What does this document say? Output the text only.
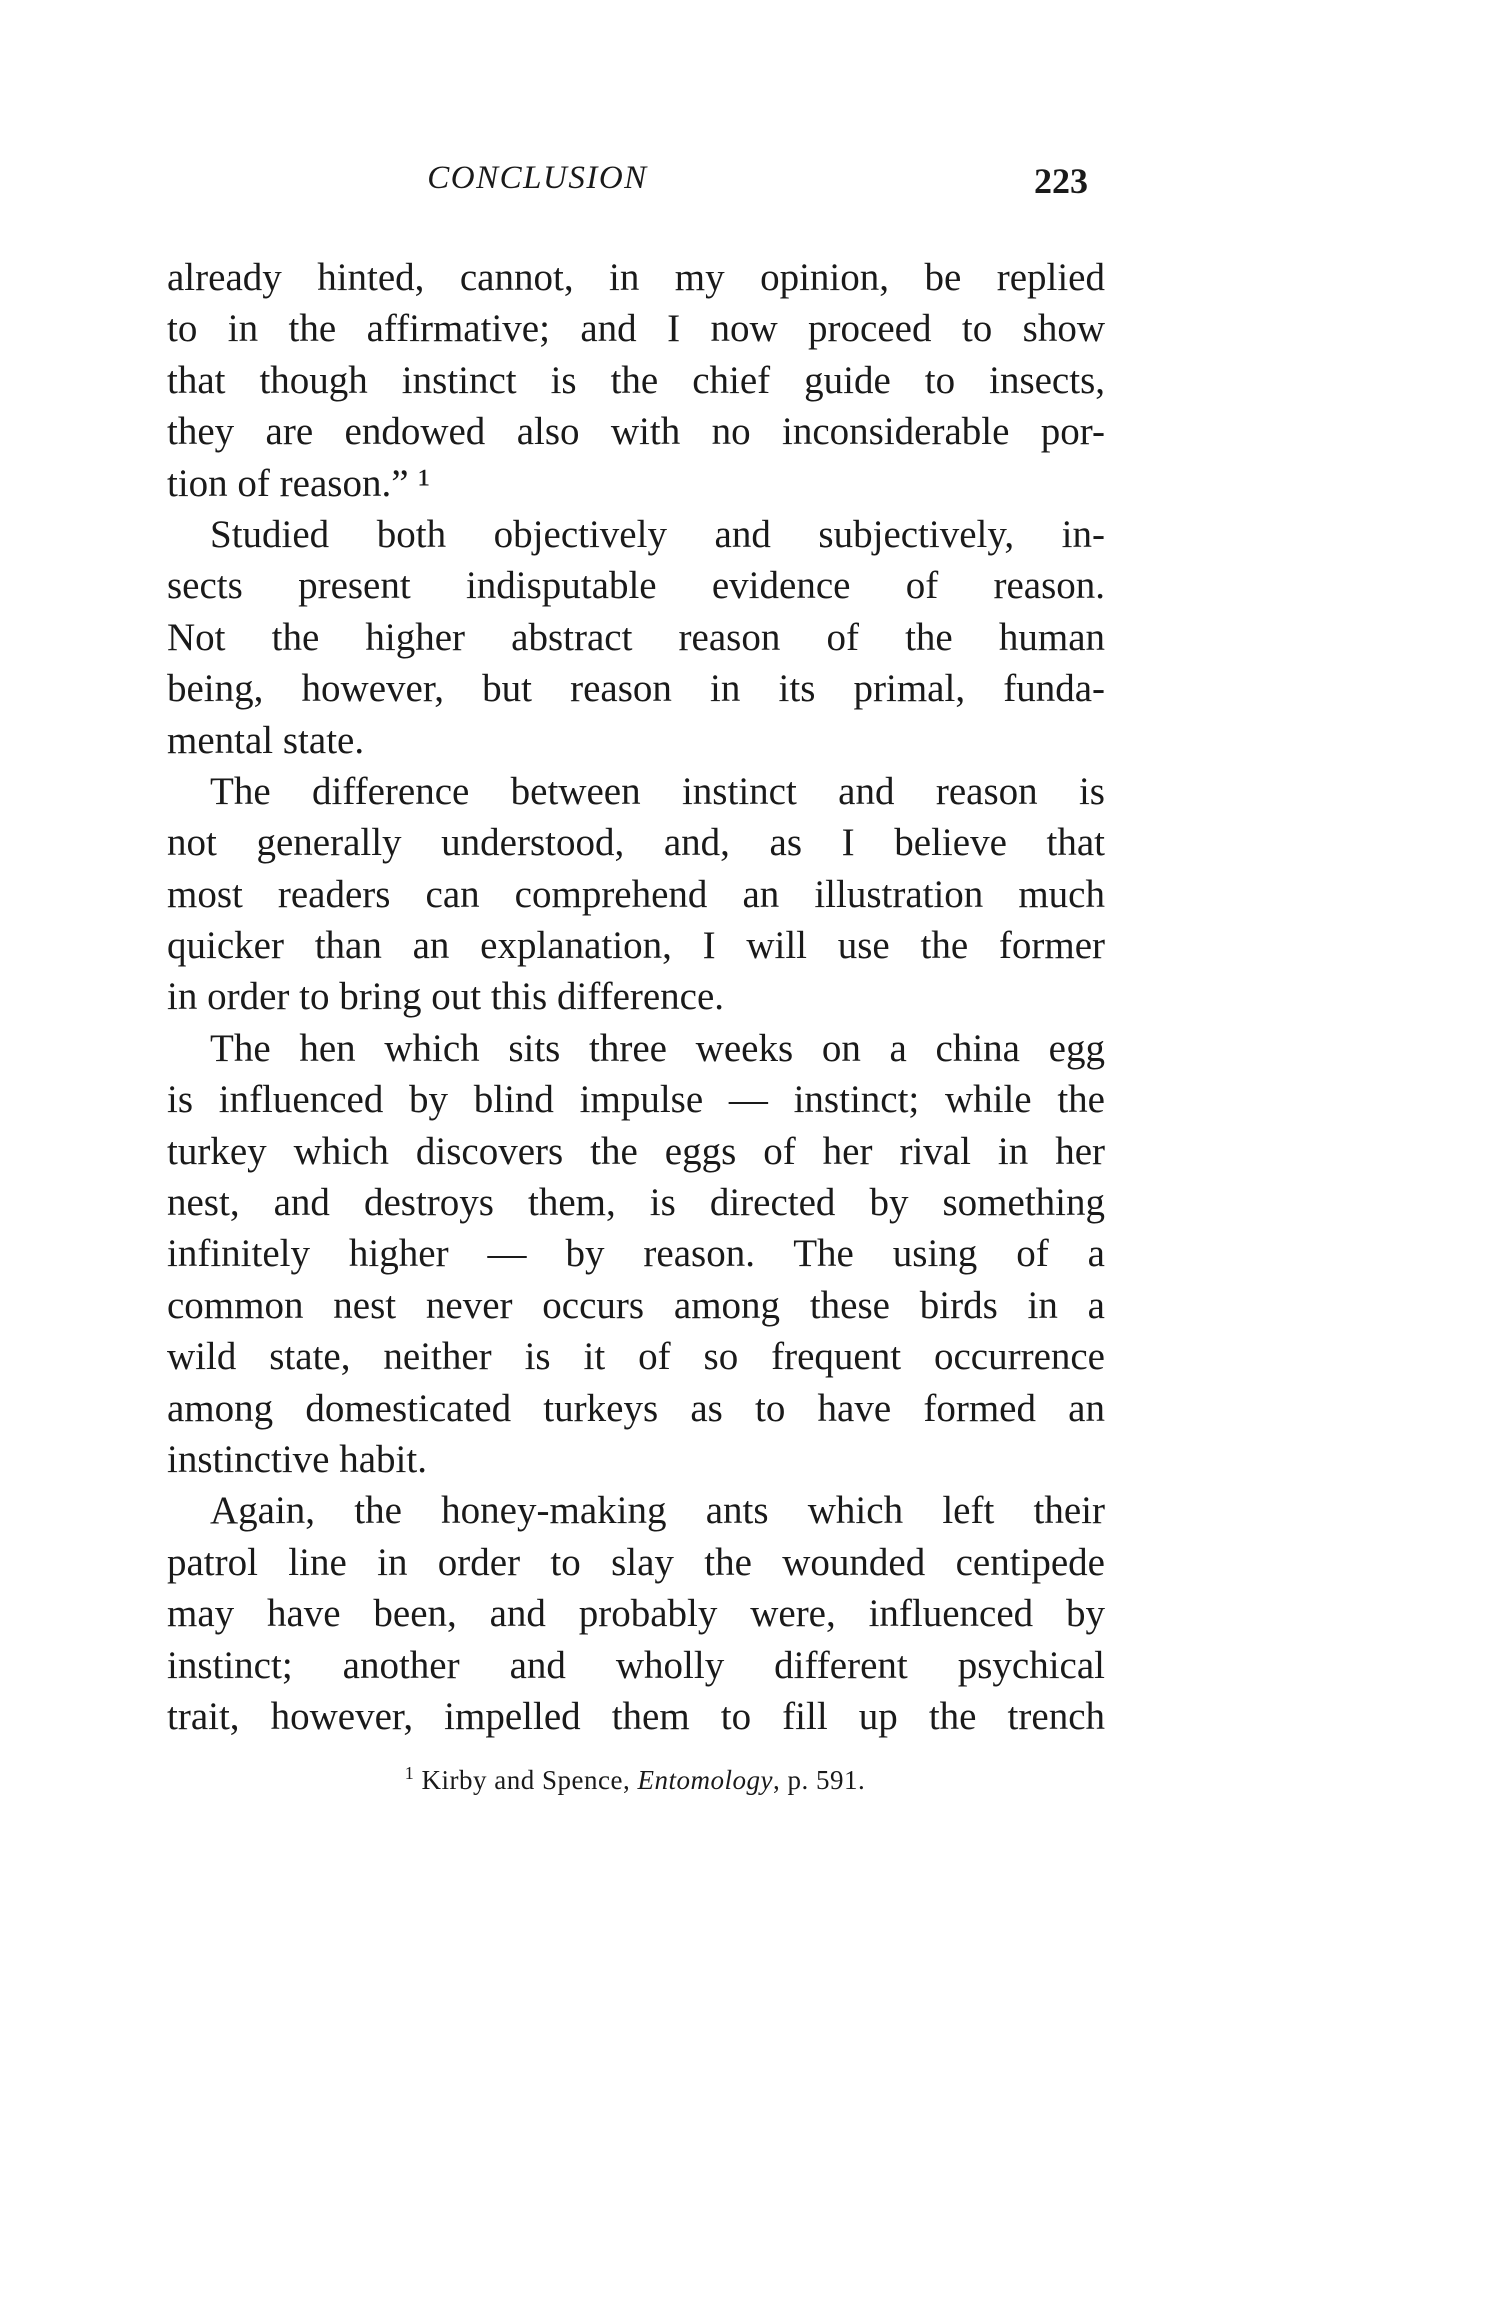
CONCLUSION	223
already hinted, cannot, in my opinion, be replied
to in the affirmative; and I now proceed to show
that though instinct is the chief guide to insects,
they are endowed also with no inconsiderable por-
tion of reason.” ¹
Studied both objectively and subjectively, in-
sects present indisputable evidence of reason.
Not the higher abstract reason of the human
being, however, but reason in its primal, funda-
mental state.
The difference between instinct and reason is
not generally understood, and, as I believe that
most readers can comprehend an illustration much
quicker than an explanation, I will use the former
in order to bring out this difference.
The hen which sits three weeks on a china egg
is influenced by blind impulse — instinct; while the
turkey which discovers the eggs of her rival in her
nest, and destroys them, is directed by something
infinitely higher — by reason. The using of a
common nest never occurs among these birds in a
wild state, neither is it of so frequent occurrence
among domesticated turkeys as to have formed an
instinctive habit.
Again, the honey-making ants which left their
patrol line in order to slay the wounded centipede
may have been, and probably were, influenced by
instinct; another and wholly different psychical
trait, however, impelled them to fill up the trench
$^1$ Kirby and Spence, Entomology, p. 591.
